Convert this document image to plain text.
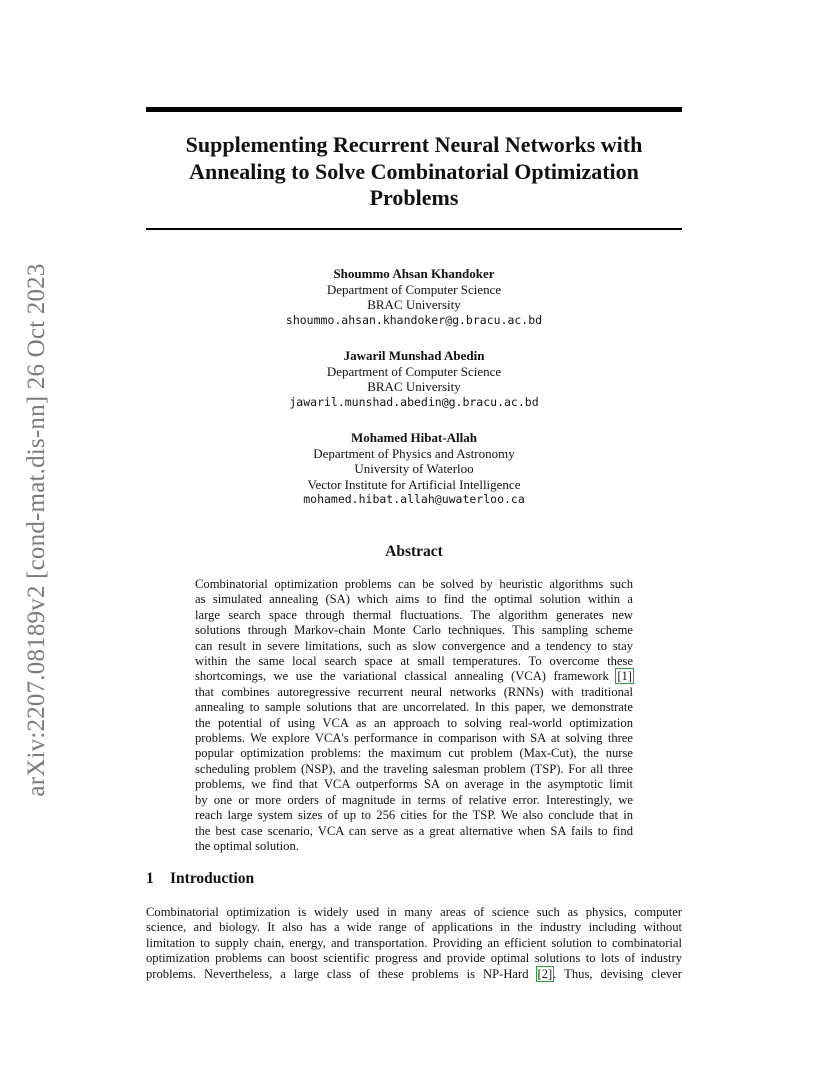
Supplementing Recurrent Neural Networks with
Annealing to Solve Combinatorial Optimization
Problems
arXiv:2207.08189v2 [cond-mat.dis-nn] 26 Oct 2023	Shoummo Ahsan Khandoker
Department of Computer Science
BRAC University
shoummo.ahsan.khandoker@g.bracu.ac.bd
Jawaril Munshad Abedin
Department of Computer Science
BRAC University
jawaril.munshad.abedin@g.bracu.ac.bd
Mohamed Hibat-Allah
Department of Physics and Astronomy
University of Waterloo
Vector Institute for Artificial Intelligence
mohamed.hibat.allah@uwaterloo.ca
Abstract
Combinatorial optimization problems can be solved by heuristic algorithms such
as simulated annealing (SA) which aims to find the optimal solution within a
large search space through thermal fluctuations. The algorithm generates new
solutions through Markov-chain Monte Carlo techniques. This sampling scheme
can result in severe limitations, such as slow convergence and a tendency to stay
within the same local search space at small temperatures. To overcome these
shortcomings, we use the variational classical annealing (VCA) framework [1]
that combines autoregressive recurrent neural networks (RNNs) with traditional
annealing to sample solutions that are uncorrelated. In this paper, we demonstrate
the potential of using VCA as an approach to solving real-world optimization
problems. We explore VCA's performance in comparison with SA at solving three
popular optimization problems: the maximum cut problem (Max-Cut), the nurse
scheduling problem (NSP), and the traveling salesman problem (TSP). For all three
problems, we find that VCA outperforms SA on average in the asymptotic limit
by one or more orders of magnitude in terms of relative error. Interestingly, we
reach large system sizes of up to 256 cities for the TSP. We also conclude that in
the best case scenario, VCA can serve as a great alternative when SA fails to find
the optimal solution.
1 Introduction
Combinatorial optimization is widely used in many areas of science such as physics, computer
science, and biology. It also has a wide range of applications in the industry including without
limitation to supply chain, energy, and transportation. Providing an efficient solution to combinatorial
optimization problems can boost scientific progress and provide optimal solutions to lots of industry
problems. Nevertheless, a large class of these problems is NP-Hard [2]. Thus, devising clever
